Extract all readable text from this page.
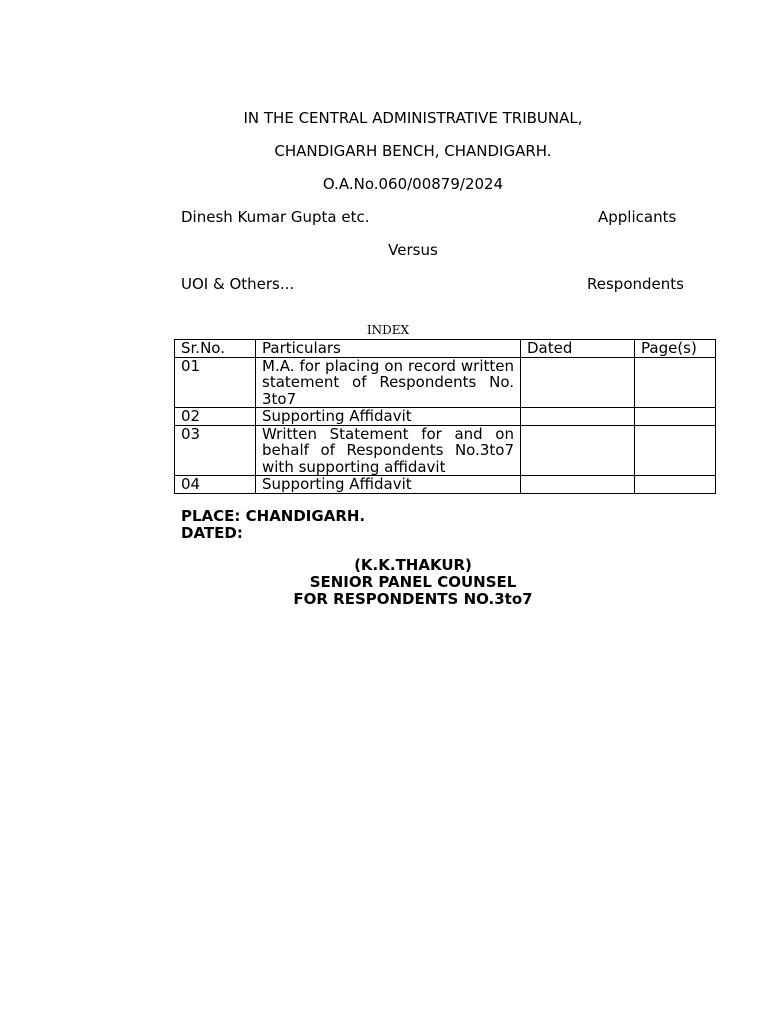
IN THE CENTRAL ADMINISTRATIVE TRIBUNAL,
CHANDIGARH BENCH, CHANDIGARH.
O.A.No.060/00879/2024
Dinesh Kumar Gupta etc.	Applicants
Versus
UOI & Others...	Respondents
INDEX
Sr.No.	Particulars	Dated	Page(s)
01	M.A. for placing on record written statement of Respondents No. 3to7		
02	Supporting Affidavit		
03	Written Statement for and on behalf of Respondents No.3to7 with supporting affidavit		
04	Supporting Affidavit		
PLACE: CHANDIGARH.
DATED:
(K.K.THAKUR)
SENIOR PANEL COUNSEL
FOR RESPONDENTS NO.3to7
